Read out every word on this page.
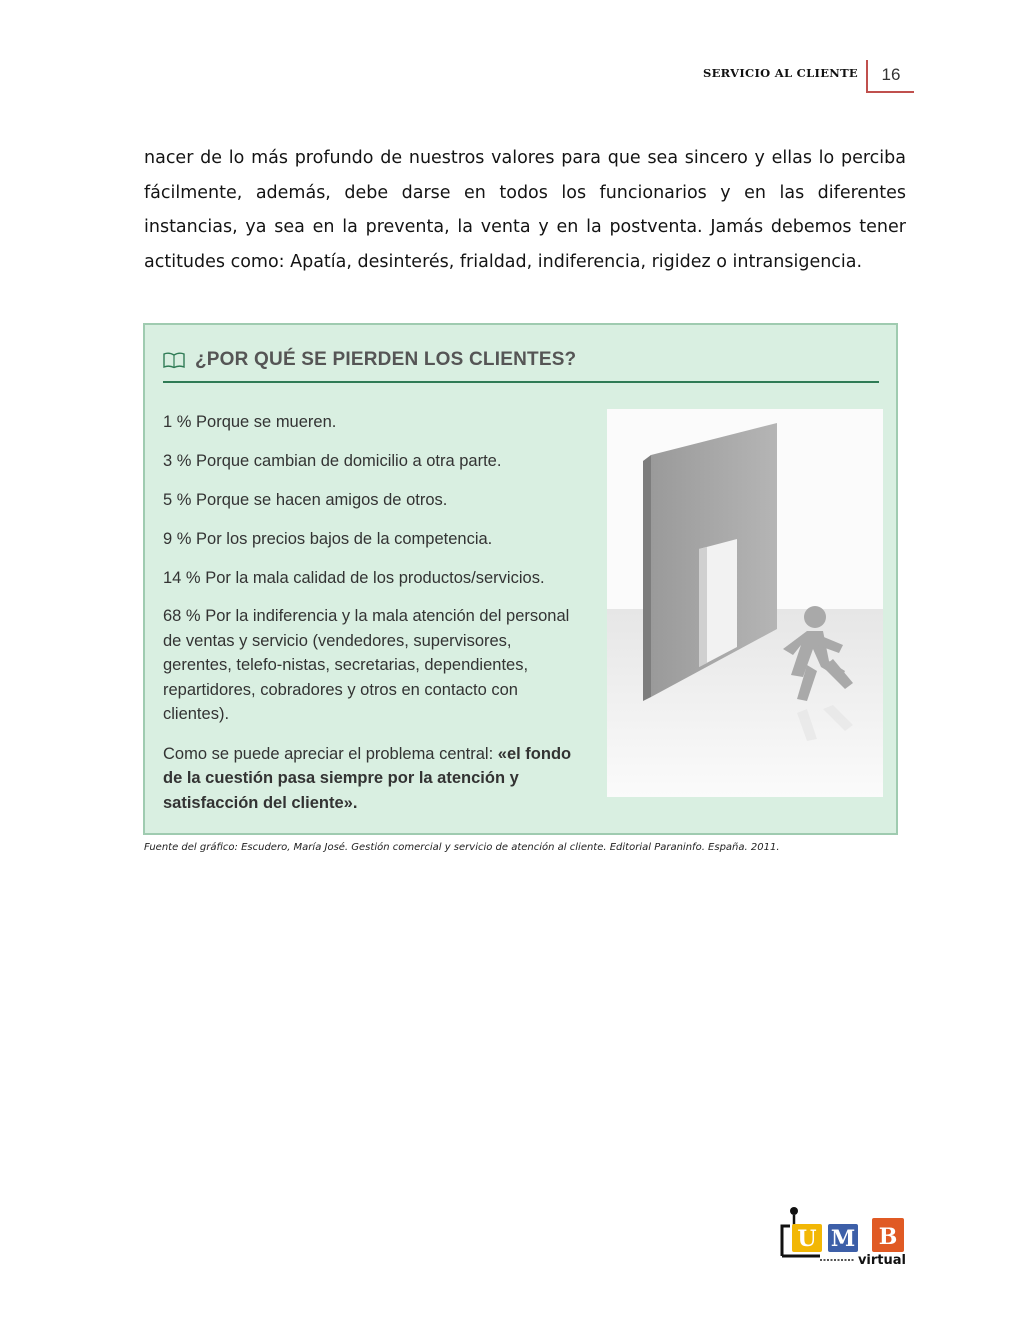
SERVICIO AL CLIENTE	16

nacer de lo más profundo de nuestros valores para que sea sincero y ellas lo perciba fácilmente, además, debe darse en todos los funcionarios y en las diferentes instancias, ya sea en la preventa, la venta y en la postventa. Jamás debemos tener actitudes como: Apatía, desinterés, frialdad, indiferencia, rigidez o intransigencia.

¿POR QUÉ SE PIERDEN LOS CLIENTES?

1 % Porque se mueren.

3 % Porque cambian de domicilio a otra parte.

5 % Porque se hacen amigos de otros.

9 % Por los precios bajos de la competencia.

14 % Por la mala calidad de los productos/servicios.

68 % Por la indiferencia y la mala atención del personal de ventas y servicio (vendedores, supervisores, gerentes, telefo-nistas, secretarias, dependientes, repartidores, cobradores y otros en contacto con clientes).

Como se puede apreciar el problema central: «el fondo de la cuestión pasa siempre por la atención y satisfacción del cliente».

Fuente del gráfico: Escudero, María José. Gestión comercial y servicio de atención al cliente. Editorial Paraninfo. España. 2011.
U M B
virtual
